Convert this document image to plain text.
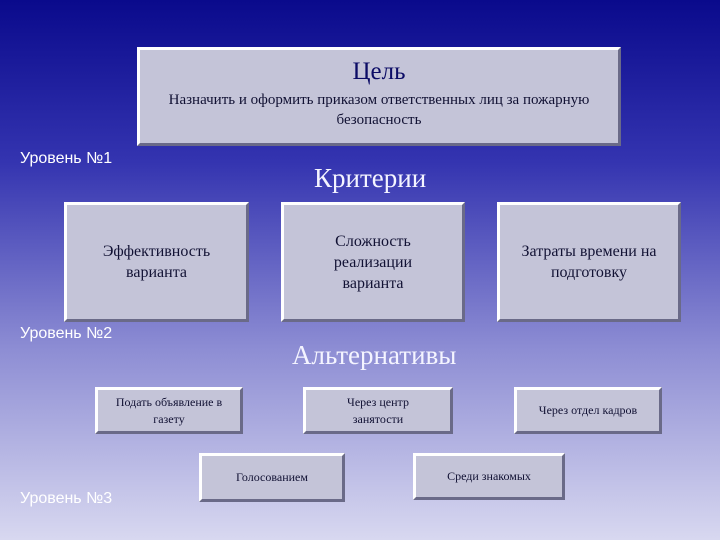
Цель
Назначить и оформить приказом ответственных лиц за пожарную безопасность
Уровень №1
Критерии
Эффективность варианта
Сложность реализации варианта
Затраты времени на подготовку
Уровень №2
Альтернативы
Подать объявление в газету
Через центр занятости
Через отдел кадров
Голосованием	Среди знакомых
Уровень №3
